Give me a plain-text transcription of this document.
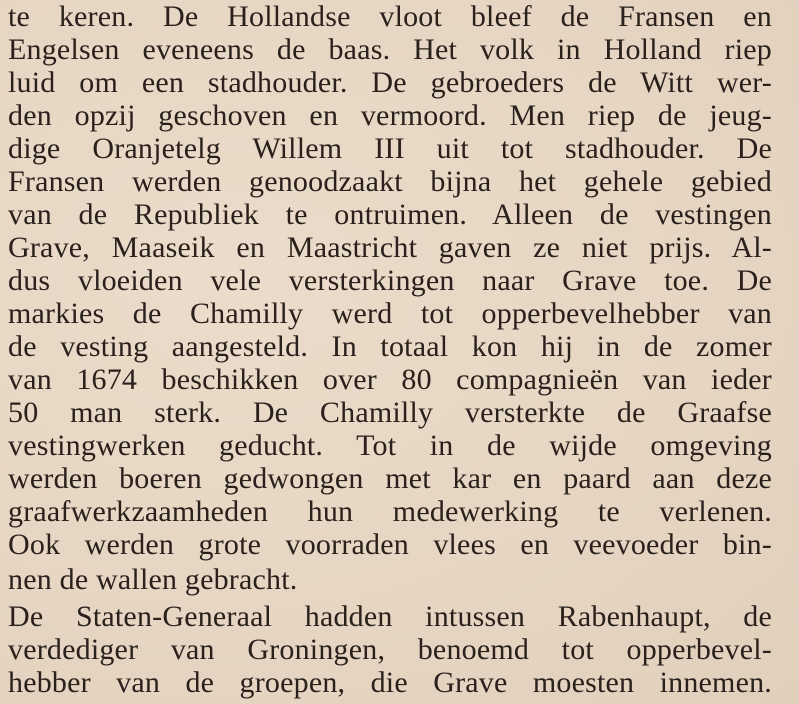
te keren. De Hollandse vloot bleef de Fransen en
Engelsen eveneens de baas. Het volk in Holland riep
luid om een stadhouder. De gebroeders de Witt wer-
den opzij geschoven en vermoord. Men riep de jeug-
dige Oranjetelg Willem III uit tot stadhouder. De
Fransen werden genoodzaakt bijna het gehele gebied
van de Republiek te ontruimen. Alleen de vestingen
Grave, Maaseik en Maastricht gaven ze niet prijs. Al-
dus vloeiden vele versterkingen naar Grave toe. De
markies de Chamilly werd tot opperbevelhebber van
de vesting aangesteld. In totaal kon hij in de zomer
van 1674 beschikken over 80 compagnieën van ieder
50 man sterk. De Chamilly versterkte de Graafse
vestingwerken geducht. Tot in de wijde omgeving
werden boeren gedwongen met kar en paard aan deze
graafwerkzaamheden hun medewerking te verlenen.
Ook werden grote voorraden vlees en veevoeder bin-
nen de wallen gebracht.
De Staten-Generaal hadden intussen Rabenhaupt, de
verdediger van Groningen, benoemd tot opperbevel-
hebber van de groepen, die Grave moesten innemen.
